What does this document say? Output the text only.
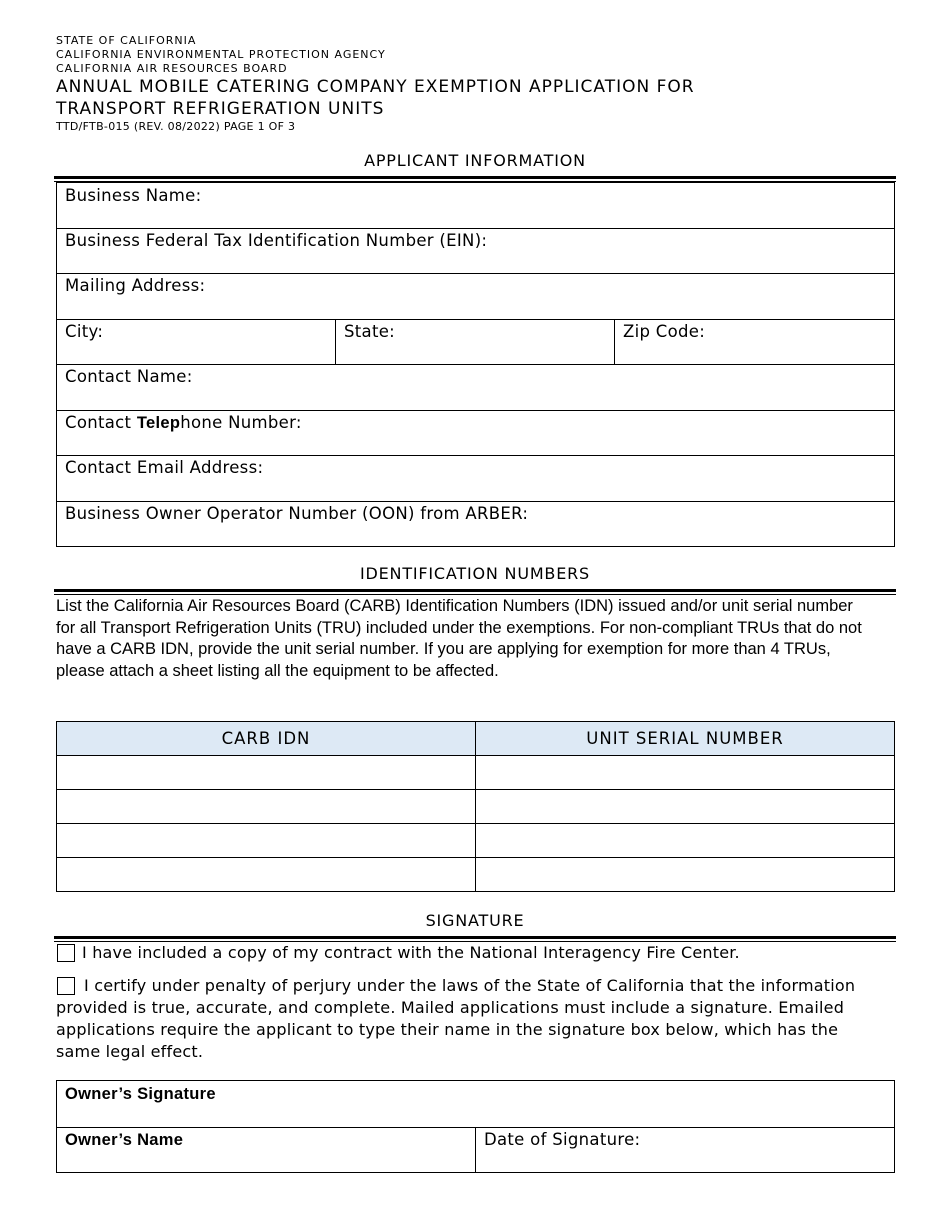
STATE OF CALIFORNIA
CALIFORNIA ENVIRONMENTAL PROTECTION AGENCY
CALIFORNIA AIR RESOURCES BOARD
ANNUAL MOBILE CATERING COMPANY EXEMPTION APPLICATION FOR
TRANSPORT REFRIGERATION UNITS
TTD/FTB-015 (REV. 08/2022) PAGE 1 OF 3
APPLICANT INFORMATION
Business Name:
Business Federal Tax Identification Number (EIN):
Mailing Address:
City:	State:	Zip Code:
Contact Name:
Contact Telephone Number:
Contact Email Address:
Business Owner Operator Number (OON) from ARBER:
IDENTIFICATION NUMBERS
List the California Air Resources Board (CARB) Identification Numbers (IDN) issued and/or unit serial number for all Transport Refrigeration Units (TRU) included under the exemptions. For non-compliant TRUs that do not have a CARB IDN, provide the unit serial number. If you are applying for exemption for more than 4 TRUs, please attach a sheet listing all the equipment to be affected.
CARB IDN	UNIT SERIAL NUMBER

SIGNATURE
I have included a copy of my contract with the National Interagency Fire Center.
I certify under penalty of perjury under the laws of the State of California that the information provided is true, accurate, and complete. Mailed applications must include a signature. Emailed applications require the applicant to type their name in the signature box below, which has the same legal effect.
Owner’s Signature
Owner’s Name	Date of Signature:
